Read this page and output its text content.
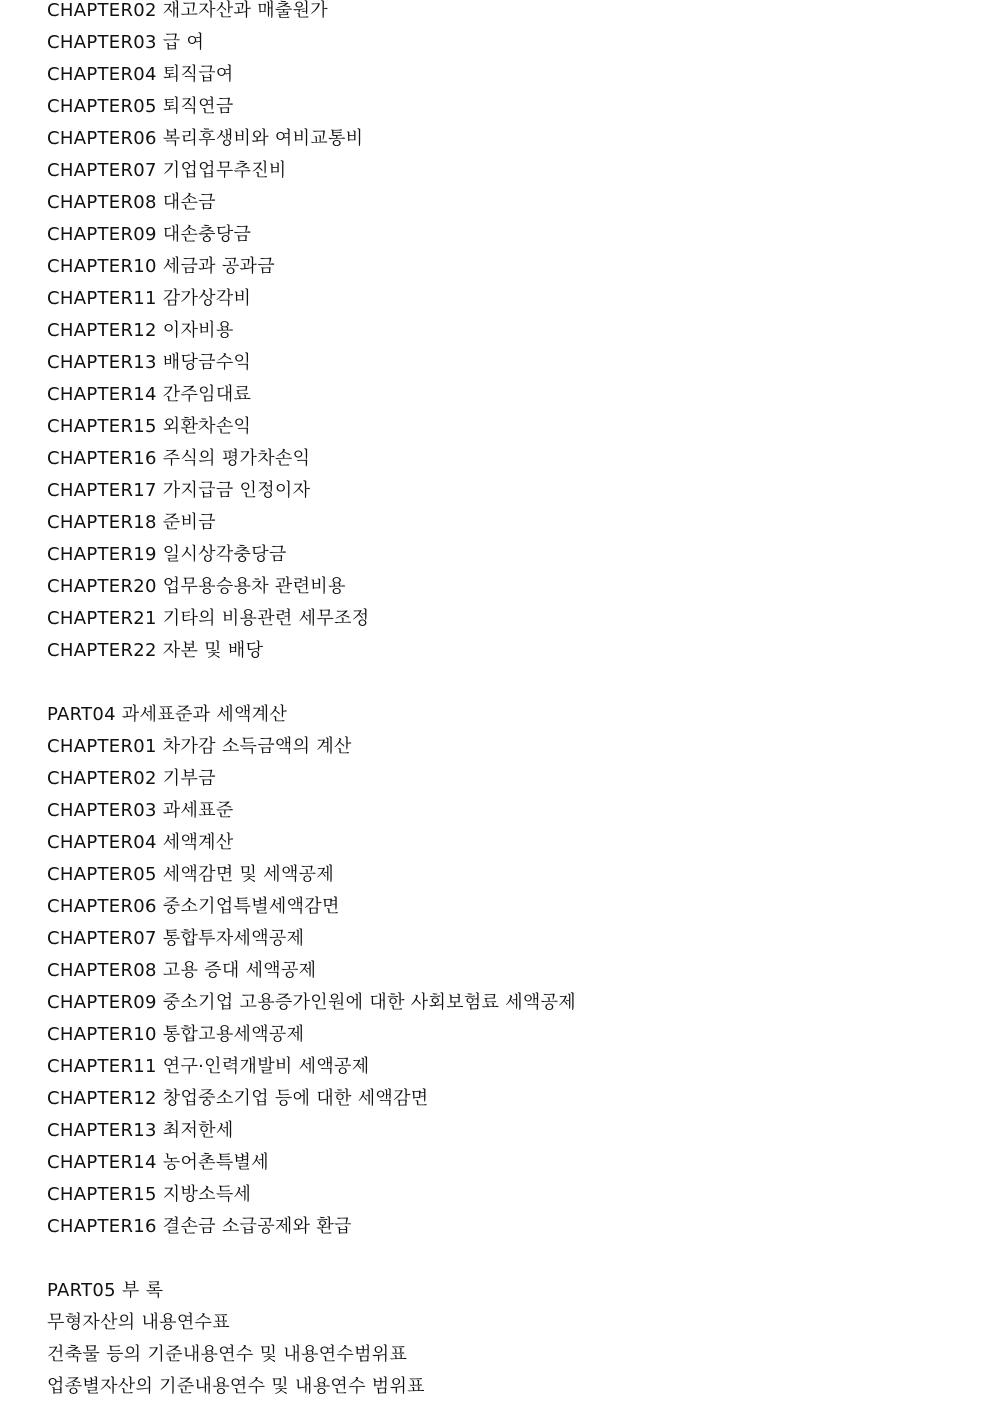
CHAPTER02 재고자산과 매출원가
CHAPTER03 급 여
CHAPTER04 퇴직급여
CHAPTER05 퇴직연금
CHAPTER06 복리후생비와 여비교통비
CHAPTER07 기업업무추진비
CHAPTER08 대손금
CHAPTER09 대손충당금
CHAPTER10 세금과 공과금
CHAPTER11 감가상각비
CHAPTER12 이자비용
CHAPTER13 배당금수익
CHAPTER14 간주임대료
CHAPTER15 외환차손익
CHAPTER16 주식의 평가차손익
CHAPTER17 가지급금 인정이자
CHAPTER18 준비금
CHAPTER19 일시상각충당금
CHAPTER20 업무용승용차 관련비용
CHAPTER21 기타의 비용관련 세무조정
CHAPTER22 자본 및 배당
PART04 과세표준과 세액계산
CHAPTER01 차가감 소득금액의 계산
CHAPTER02 기부금
CHAPTER03 과세표준
CHAPTER04 세액계산
CHAPTER05 세액감면 및 세액공제
CHAPTER06 중소기업특별세액감면
CHAPTER07 통합투자세액공제
CHAPTER08 고용 증대 세액공제
CHAPTER09 중소기업 고용증가인원에 대한 사회보험료 세액공제
CHAPTER10 통합고용세액공제
CHAPTER11 연구·인력개발비 세액공제
CHAPTER12 창업중소기업 등에 대한 세액감면
CHAPTER13 최저한세
CHAPTER14 농어촌특별세
CHAPTER15 지방소득세
CHAPTER16 결손금 소급공제와 환급
PART05 부 록
무형자산의 내용연수표
건축물 등의 기준내용연수 및 내용연수범위표
업종별자산의 기준내용연수 및 내용연수 범위표
